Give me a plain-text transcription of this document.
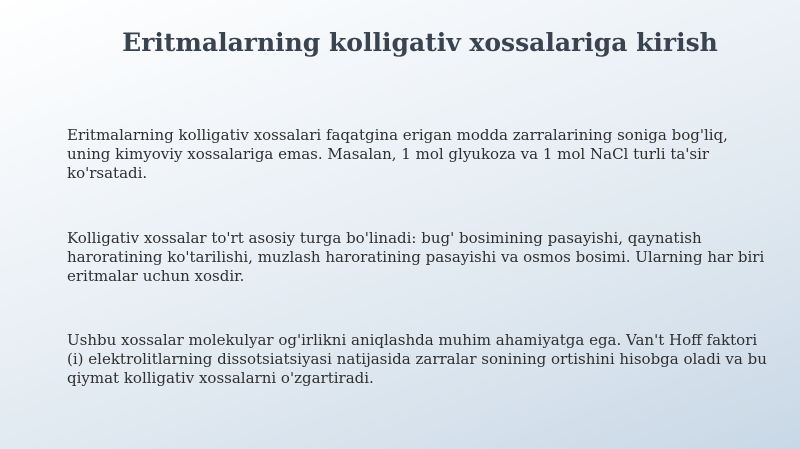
Eritmalarning kolligativ xossalariga kirish

Eritmalarning kolligativ xossalari faqatgina erigan modda zarralarining soniga bog'liq, uning kimyoviy xossalariga emas. Masalan, 1 mol glyukoza va 1 mol NaCl turli ta'sir ko'rsatadi.

Kolligativ xossalar to'rt asosiy turga bo'linadi: bug' bosimining pasayishi, qaynatish haroratining ko'tarilishi, muzlash haroratining pasayishi va osmos bosimi. Ularning har biri eritmalar uchun xosdir.

Ushbu xossalar molekulyar og'irlikni aniqlashda muhim ahamiyatga ega. Van't Hoff faktori (i) elektrolitlarning dissotsiatsiyasi natijasida zarralar sonining ortishini hisobga oladi va bu qiymat kolligativ xossalarni o'zgartiradi.
